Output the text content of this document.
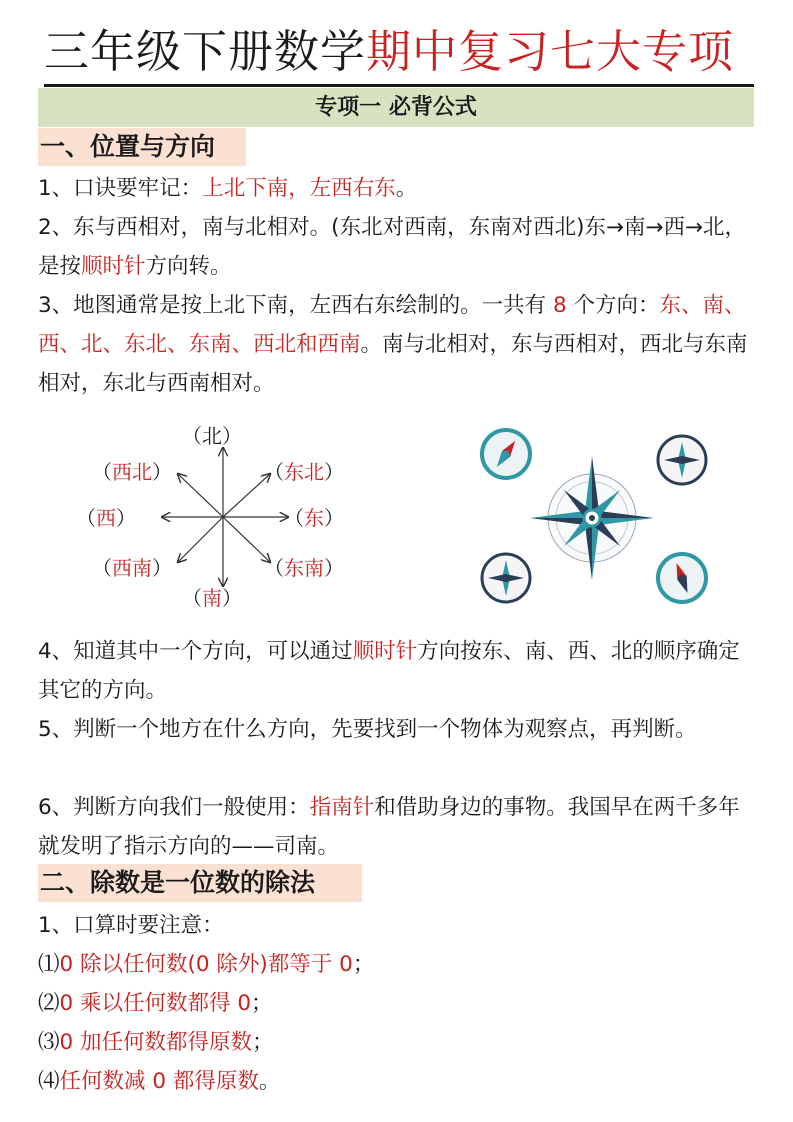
三年级下册数学期中复习七大专项
专项一 必背公式
一、位置与方向
1、口诀要牢记：上北下南，左西右东。
2、东与西相对，南与北相对。(东北对西南，东南对西北)东→南→西→北，是按顺时针方向转。
3、地图通常是按上北下南，左西右东绘制的。一共有 8 个方向：东、南、西、北、东北、东南、西北和西南。南与北相对，东与西相对，西北与东南相对，东北与西南相对。
（北）
（西北）	（东北）
（西）	（东）
（西南）	（东南）
（南）
4、知道其中一个方向，可以通过顺时针方向按东、南、西、北的顺序确定其它的方向。
5、判断一个地方在什么方向，先要找到一个物体为观察点，再判断。
6、判断方向我们一般使用：指南针和借助身边的事物。我国早在两千多年就发明了指示方向的——司南。
二、除数是一位数的除法
1、口算时要注意：
⑴0 除以任何数(0 除外)都等于 0；
⑵0 乘以任何数都得 0；
⑶0 加任何数都得原数；
⑷任何数减 0 都得原数。
